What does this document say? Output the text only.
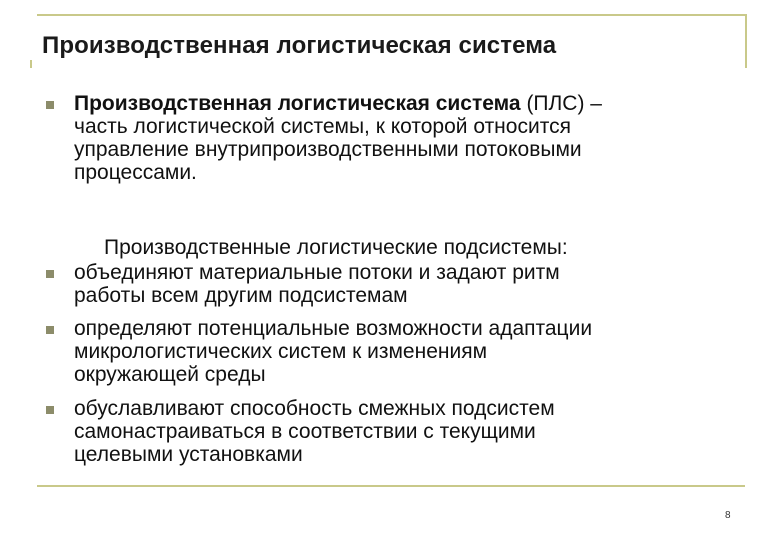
Производственная логистическая система
Производственная логистическая система (ПЛС) –
часть логистической системы, к которой относится
управление внутрипроизводственными потоковыми
процессами.
Производственные логистические подсистемы:
объединяют материальные потоки и задают ритм
работы всем другим подсистемам
определяют потенциальные возможности адаптации
микрологистических систем к изменениям
окружающей среды
обуславливают способность смежных подсистем
самонастраиваться в соответствии с текущими
целевыми установками
8
